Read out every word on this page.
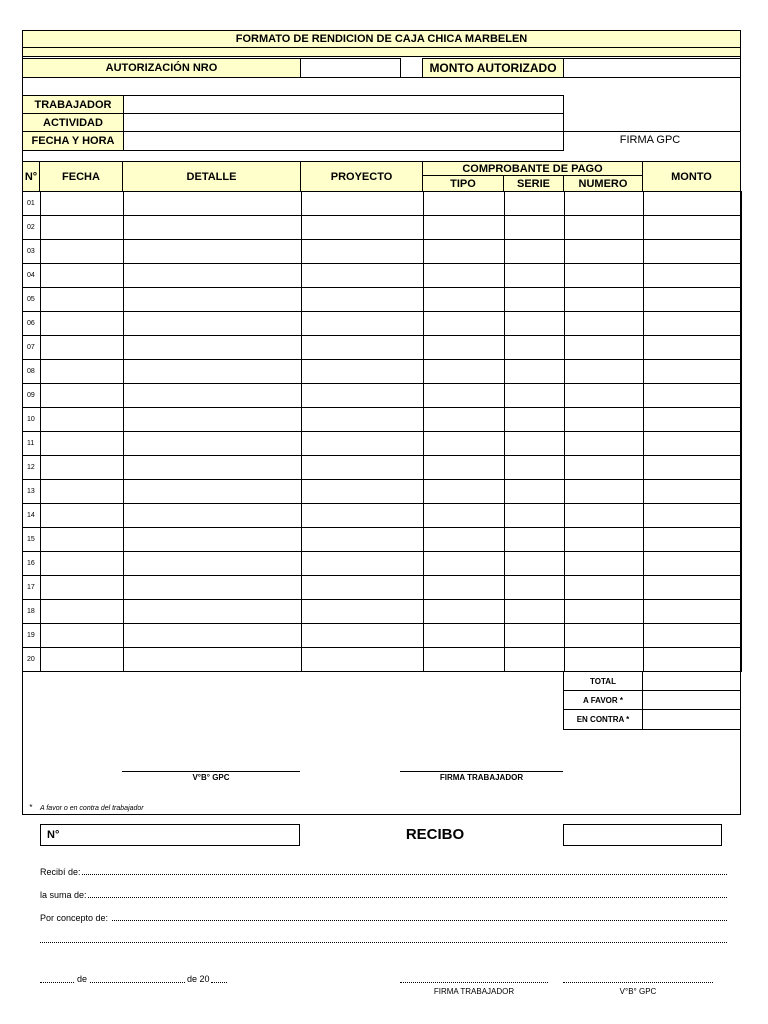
FORMATO DE RENDICION DE CAJA CHICA MARBELEN
AUTORIZACIÓN NRO	MONTO AUTORIZADO
TRABAJADOR
ACTIVIDAD
FECHA Y HORA	FIRMA GPC
N°	FECHA	DETALLE	PROYECTO
COMPROBANTE DE PAGO
TIPO	SERIE	NUMERO
MONTO
01							
02							
03							
04							
05							
06							
07							
08							
09							
10							
11							
12							
13							
14							
15							
16							
17							
18							
19							
20							
TOTAL
A FAVOR *
EN CONTRA *
V°B° GPC	FIRMA TRABAJADOR
* A favor o en contra del trabajador
N°	RECIBO
Recibí de:
la suma de:
Por concepto de:
de	de 20
FIRMA TRABAJADOR	V°B° GPC
